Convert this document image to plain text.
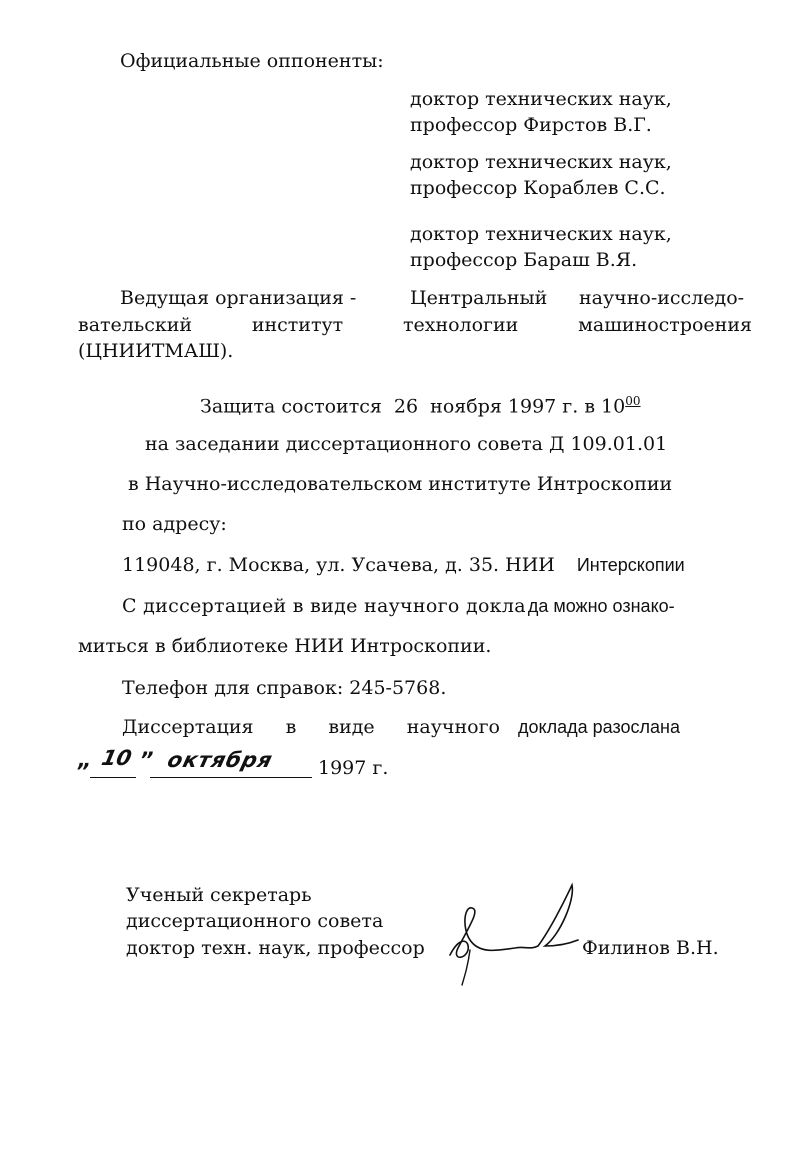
Официальные оппоненты:
доктор технических наук,
профессор Фирстов В.Г.
доктор технических наук,
профессор Кораблев С.С.
доктор технических наук,
профессор Бараш В.Я.
Ведущая организация -	Центральный научно-исследо-
вательский	институт	технологии	машиностроения
(ЦНИИТМАШ).
Защита состоится  26  ноября 1997 г. в $10^{00}$
на заседании диссертационного совета Д 109.01.01
в Научно-исследовательском институте Интроскопии
по адресу:
119048, г. Москва, ул. Усачева, д. 35. НИИ Интерскопии
С диссертацией в виде научного докла да можно ознако-
миться в библиотеке НИИ Интроскопии.
Телефон для справок: 245-5768.
Диссертация в виде научного доклада разослана
„ 10 ” октября 1997 г.
Ученый секретарь
диссертационного совета
доктор техн. наук, профессор	Филинов В.Н.
